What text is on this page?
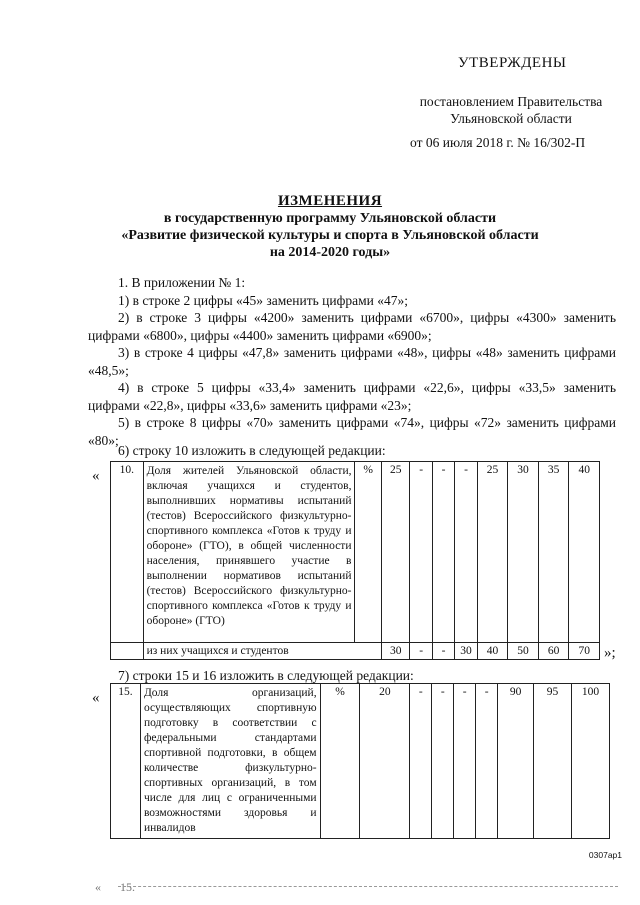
УТВЕРЖДЕНЫ
постановлением Правительства
Ульяновской области
от 06 июля 2018 г. № 16/302-П
ИЗМЕНЕНИЯ
в государственную программу Ульяновской области
«Развитие физической культуры и спорта в Ульяновской области
на 2014-2020 годы»

1. В приложении № 1:

1) в строке 2 цифры «45» заменить цифрами «47»;

2) в строке 3 цифры «4200» заменить цифрами «6700», цифры «4300» заменить цифрами «6800», цифры «4400» заменить цифрами «6900»;

3) в строке 4 цифры «47,8» заменить цифрами «48», цифры «48» заменить цифрами «48,5»;

4) в строке 5 цифры «33,4» заменить цифрами «22,6», цифры «33,5» заменить цифрами «22,8», цифры «33,6» заменить цифрами «23»;

5) в строке 8 цифры «70» заменить цифрами «74», цифры «72» заменить цифрами «80»;

6) строку 10 изложить в следующей редакции:
« 10.	Доля жителей Ульяновской области, включая учащихся и студентов, выполнивших нормативы испытаний (тестов) Всероссийского физкультурно-спортивного комплекса «Готов к труду и обороне» (ГТО), в общей численности населения, принявшего участие в выполнении нормативов испытаний (тестов) Всероссийского физкультурно-спортивного комплекса «Готов к труду и обороне» (ГТО)	%	25	-	-	-	25	30	35	40
	из них учащихся и студентов		30	-	-	30	40	50	60	70 »;
7) строки 15 и 16 изложить в следующей редакции:
« 15.	Доля организаций, осуществляющих спортивную подготовку в соответствии с федеральными стандартами спортивной подготовки, в общем количестве физкультурно-спортивных организаций, в том числе для лиц с ограниченными возможностями здоровья и инвалидов	%	20	-	-	-	-	90	95	100
0307ар1
« 15.
